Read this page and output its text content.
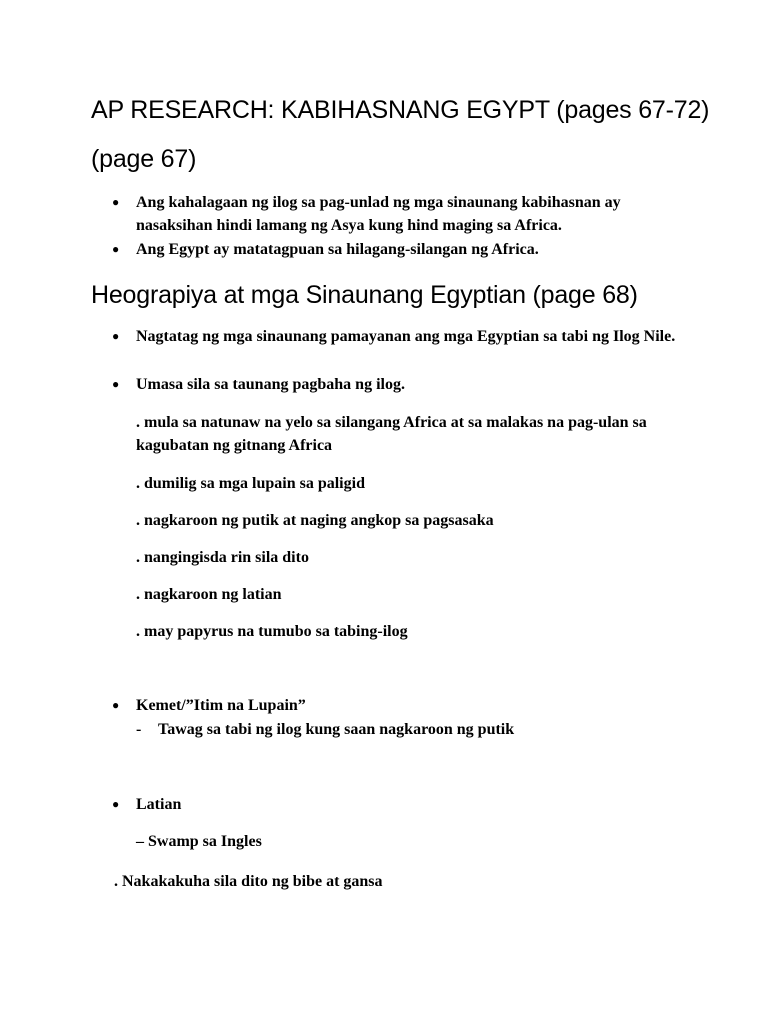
AP RESEARCH: KABIHASNANG EGYPT (pages 67-72)
(page 67)
● Ang kahalagaan ng ilog sa pag-unlad ng mga sinaunang kabihasnan ay nasaksihan hindi lamang ng Asya kung hind maging sa Africa.
● Ang Egypt ay matatagpuan sa hilagang-silangan ng Africa.
Heograpiya at mga Sinaunang Egyptian (page 68)
● Nagtatag ng mga sinaunang pamayanan ang mga Egyptian sa tabi ng Ilog Nile.
● Umasa sila sa taunang pagbaha ng ilog.

. mula sa natunaw na yelo sa silangang Africa at sa malakas na pag-ulan sa kagubatan ng gitnang Africa

. dumilig sa mga lupain sa paligid

. nagkaroon ng putik at naging angkop sa pagsasaka

. nangingisda rin sila dito

. nagkaroon ng latian

. may papyrus na tumubo sa tabing-ilog

● Kemet/”Itim na Lupain”
- Tawag sa tabi ng ilog kung saan nagkaroon ng putik
● Latian

– Swamp sa Ingles

. Nakakakuha sila dito ng bibe at gansa
